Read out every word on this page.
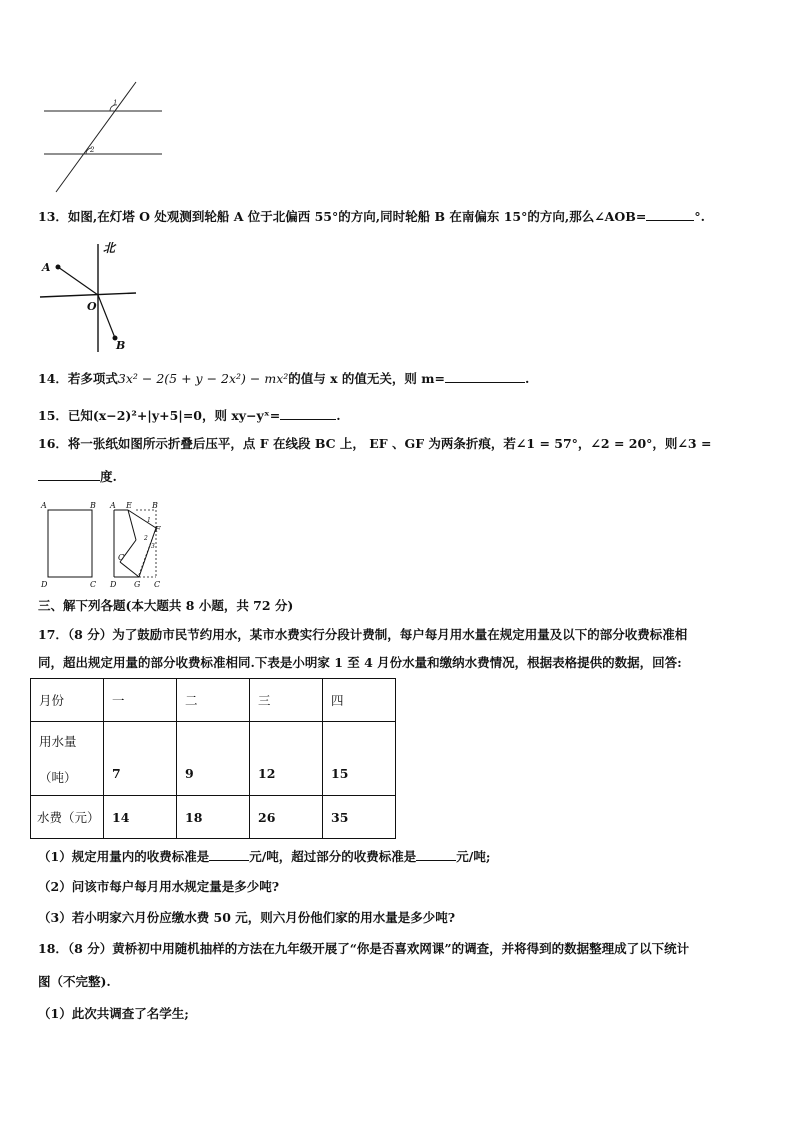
1
2
13．如图,在灯塔 O 处观测到轮船 A 位于北偏西 55°的方向,同时轮船 B 在南偏东 15°的方向,那么∠AOB=	°.
北
A
O
B
14．若多项式3x² − 2(5 + y − 2x²) − mx²的值与 x 的值无关，则 m=	.
15．已知(x−2)²+|y+5|=0，则 xy−yˣ=	.
16．将一张纸如图所示折叠后压平，点 F 在线段 BC 上， EF 、GF 为两条折痕，若∠1 = 57°，∠2 = 20°，则∠3 =
度.
A	B
D	C
A E	B
F
1
2
3
C′
D G C
三、解下列各题(本大题共 8 小题，共 72 分)
17．（8 分）为了鼓励市民节约用水，某市水费实行分段计费制，每户每月用水量在规定用量及以下的部分收费标准相
同，超出规定用量的部分收费标准相同.下表是小明家 1 至 4 月份水量和缴纳水费情况，根据表格提供的数据，回答:
月份	一	二	三	四

用水量
（吨）	7	9	12	15
水费（元）	14	18	26	35
（1）规定用量内的收费标准是	元/吨，超过部分的收费标准是	元/吨;
（2）问该市每户每月用水规定量是多少吨?
（3）若小明家六月份应缴水费 50 元，则六月份他们家的用水量是多少吨?
18．（8 分）黄桥初中用随机抽样的方法在九年级开展了“你是否喜欢网课”的调查，并将得到的数据整理成了以下统计
图（不完整).
（1）此次共调查了名学生;
